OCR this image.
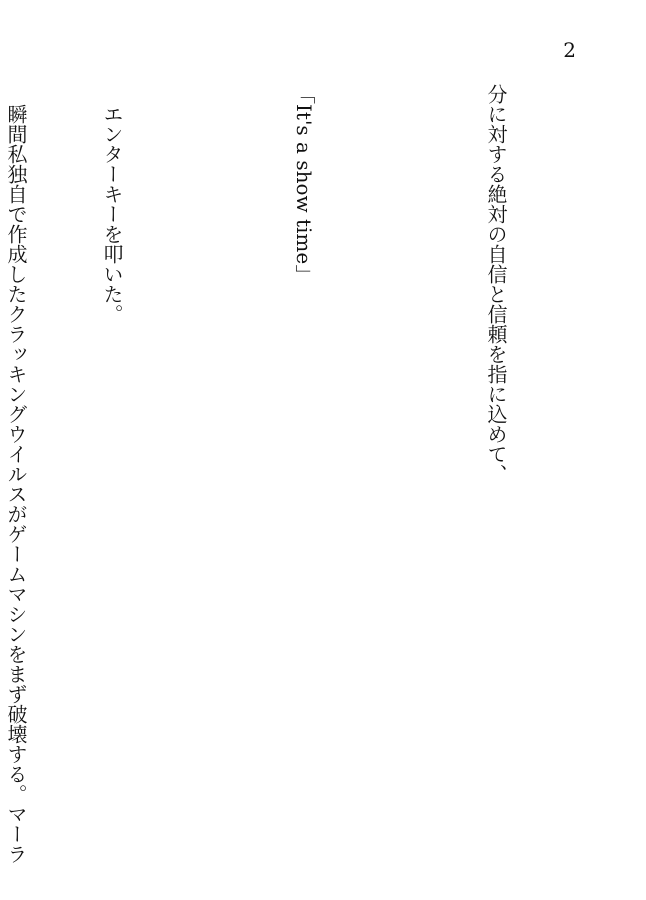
2

分に対する絶対の自信と信頼を指に込めて、

「It's a show time」

　エンターキーを叩いた。

　瞬間私独自で作成したクラッキングウイルスがゲームマシンをまず破壊する。マーラ
